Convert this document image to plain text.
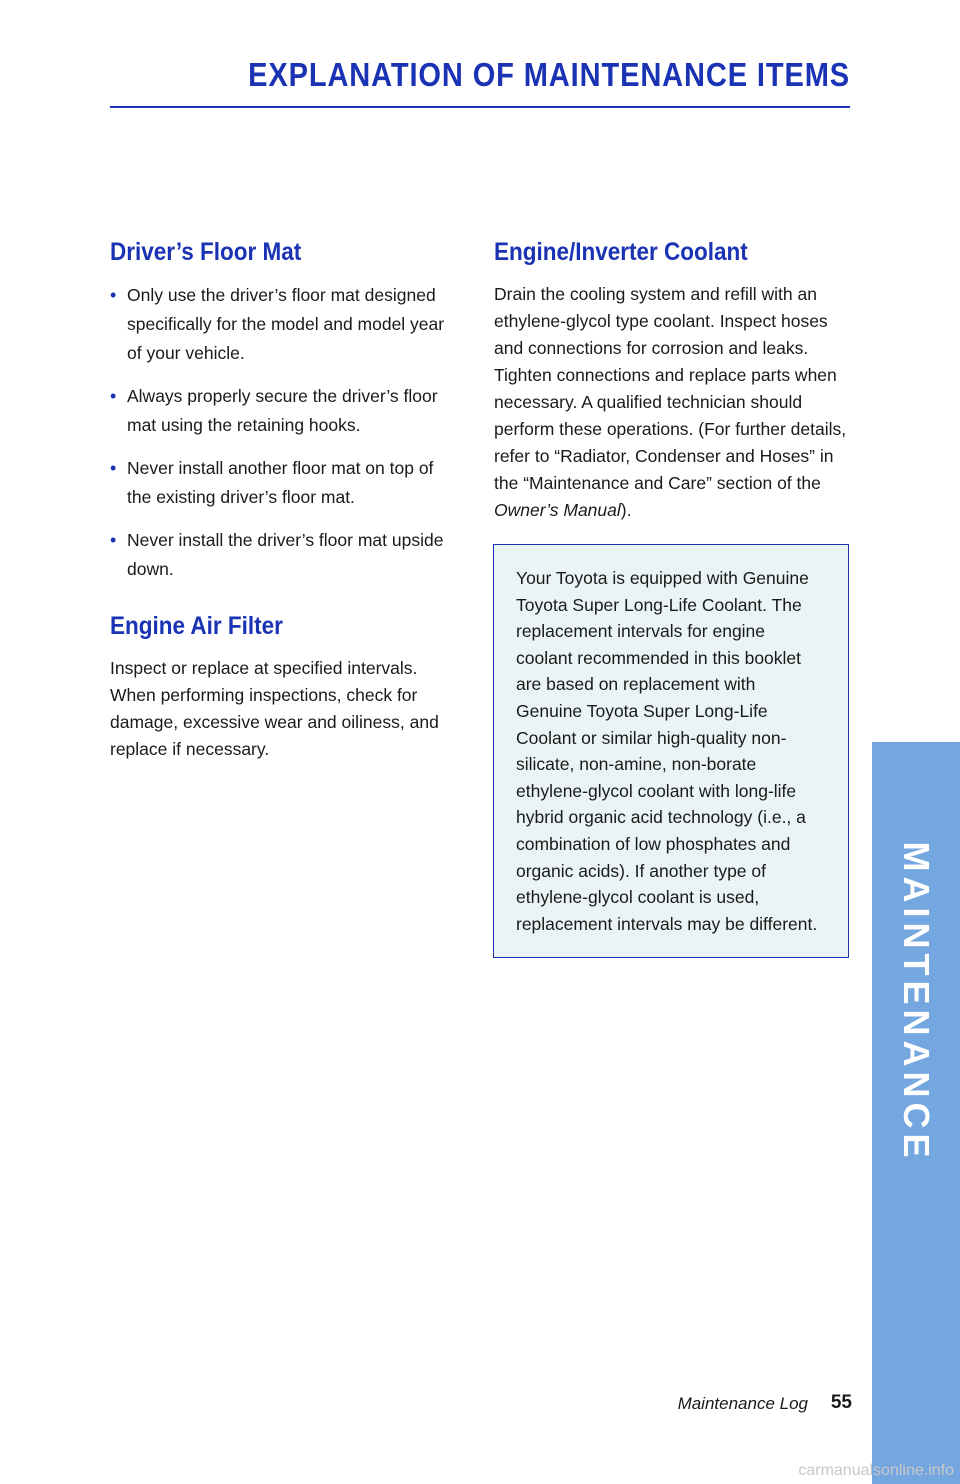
EXPLANATION OF MAINTENANCE ITEMS
Driver’s Floor Mat
• Only use the driver’s floor mat designed specifically for the model and model year of your vehicle.
• Always properly secure the driver’s floor mat using the retaining hooks.
• Never install another floor mat on top of the existing driver’s floor mat.
• Never install the driver’s floor mat upside down.
Engine Air Filter

Inspect or replace at specified intervals. When performing inspections, check for damage, excessive wear and oiliness, and replace if necessary.

Engine/Inverter Coolant

Drain the cooling system and refill with an ethylene-glycol type coolant. Inspect hoses and connections for corrosion and leaks. Tighten connections and replace parts when necessary. A qualified technician should perform these operations. (For further details, refer to “Radiator, Condenser and Hoses” in the “Maintenance and Care” section of the Owner’s Manual).

Your Toyota is equipped with Genuine Toyota Super Long-Life Coolant. The replacement intervals for engine coolant recommended in this booklet are based on replacement with Genuine Toyota Super Long-Life Coolant or similar high-quality non-silicate, non-amine, non-borate ethylene-glycol coolant with long-life hybrid organic acid technology (i.e., a combination of low phosphates and organic acids). If another type of ethylene-glycol coolant is used, replacement intervals may be different.	MAINTENANCE
Maintenance Log 55
carmanualsonline.info
